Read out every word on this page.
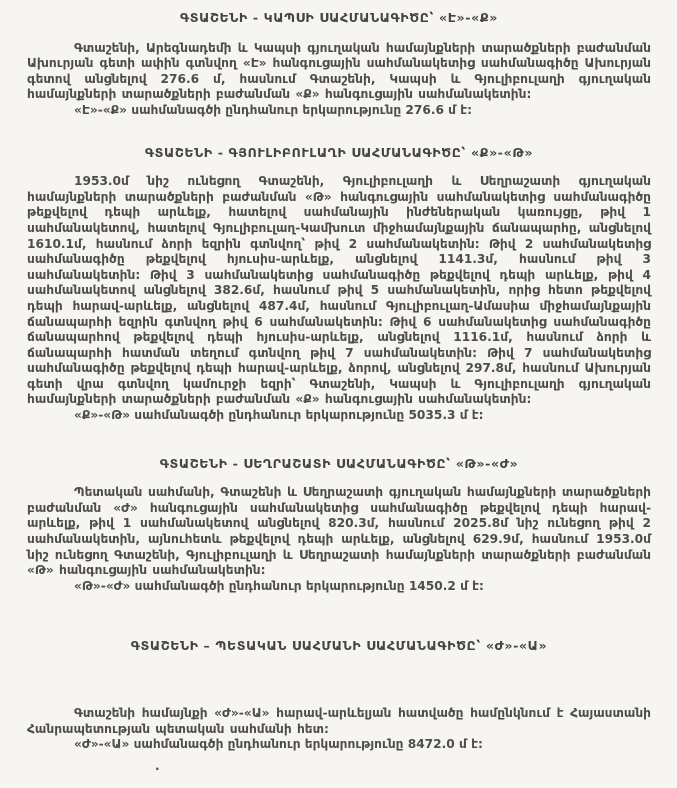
ԳՏԱՇԵՆԻ - ԿԱՊՍԻ ՍԱՀՄԱՆԱԳԻԾԸ՝ «Է»-«Ք»

Գտաշենի, Արեգնադեմի և Կապսի գյուղական համայնքների տարածքների բաժանման Ախուրյան գետի ափին գտնվող «Է» հանգուցային սահմանակետից սահմանագիծը Ախուրյան գետով անցնելով 276.6 մ, հասնում Գտաշենի, Կապսի և Գյուլիբուլաղի գյուղական համայնքների տարածքների բաժանման «Ք» հանգուցային սահմանակետին:

«Է»-«Ք» սահմանագծի ընդհանուր երկարությունը 276.6 մ է:

ԳՏԱՇԵՆԻ - ԳՅՈՒԼԻԲՈՒԼԱՂԻ ՍԱՀՄԱՆԱԳԻԾԸ՝ «Ք»-«Թ»

1953.0մ նիշ ունեցող Գտաշենի, Գյուլիբուլաղի և Սեղրաշատի գյուղական համայնքների տարածքների բաժանման «Թ» հանգուցային սահմանակետից սահմանագիծը թեքվելով դեպի արևելք, հատելով սահմանային ինժեներական կառույցը, թիվ 1 սահմանակետով, հատելով Գյուլիբուլաղ-Կամխուտ միջհամայնքային ճանապարհը, անցնելով 1610.1մ, հասնում ձորի եզրին գտնվող՝ թիվ 2 սահմանակետին: Թիվ 2 սահմանակետից սահմանագիծը թեքվելով հյուսիս-արևելք, անցնելով 1141.3մ, հասնում թիվ 3 սահմանակետին: Թիվ 3 սահմանակետից սահմանագիծը թեքվելով դեպի արևելք, թիվ 4 սահմանակետով անցնելով 382.6մ, հասնում թիվ 5 սահմանակետին, որից հետո թեքվելով դեպի հարավ-արևելք, անցնելով 487.4մ, հասնում Գյուլիբուլաղ-Ամասիա միջհամայնքային ճանապարհի եզրին գտնվող թիվ 6 սահմանակետին: Թիվ 6 սահմանակետից սահմանագիծը ճանապարհով թեքվելով դեպի հյուսիս-արևելք, անցնելով 1116.1մ, հասնում ձորի և ճանապարհի հատման տեղում գտնվող թիվ 7 սահմանակետին: Թիվ 7 սահմանակետից սահմանագիծը թեքվելով դեպի հարավ-արևելք, ձորով, անցնելով 297.8մ, հասնում Ախուրյան գետի վրա գտնվող կամուրջի եզրի՝ Գտաշենի, Կապսի և Գյուլիբուլաղի գյուղական համայնքների տարածքների բաժանման «Ք» հանգուցային սահմանակետին:

«Ք»-«Թ» սահմանագծի ընդհանուր երկարությունը 5035.3 մ է:

ԳՏԱՇԵՆԻ - ՍԵՂՐԱՇԱՏԻ ՍԱՀՄԱՆԱԳԻԾԸ՝ «Թ»-«Ժ»

Պետական սահմանի, Գտաշենի և Սեղրաշատի գյուղական համայնքների տարածքների բաժանման «Ժ» հանգուցային սահմանակետից սահմանագիծը թեքվելով դեպի հարավ-արևելք, թիվ 1 սահմանակետով անցնելով 820.3մ, հասնում 2025.8մ նիշ ունեցող թիվ 2 սահմանակետին, այնուհետև թեքվելով դեպի արևելք, անցնելով 629.9մ, հասնում 1953.0մ նիշ ունեցող Գտաշենի, Գյուլիբուլաղի և Սեղրաշատի համայնքների տարածքների բաժանման «Թ» հանգուցային սահմանակետին:

«Թ»-«Ժ» սահմանագծի ընդհանուր երկարությունը 1450.2 մ է:

ԳՏԱՇԵՆԻ – ՊԵՏԱԿԱՆ ՍԱՀՄԱՆԻ ՍԱՀՄԱՆԱԳԻԾԸ՝ «Ժ»-«Ա»

Գտաշենի համայնքի «Ժ»-«Ա» հարավ-արևելյան հատվածը համընկնում է Հայաստանի Հանրապետության պետական սահմանի հետ:

«Ժ»-«Ա» սահմանագծի ընդհանուր երկարությունը 8472.0 մ է:

.
